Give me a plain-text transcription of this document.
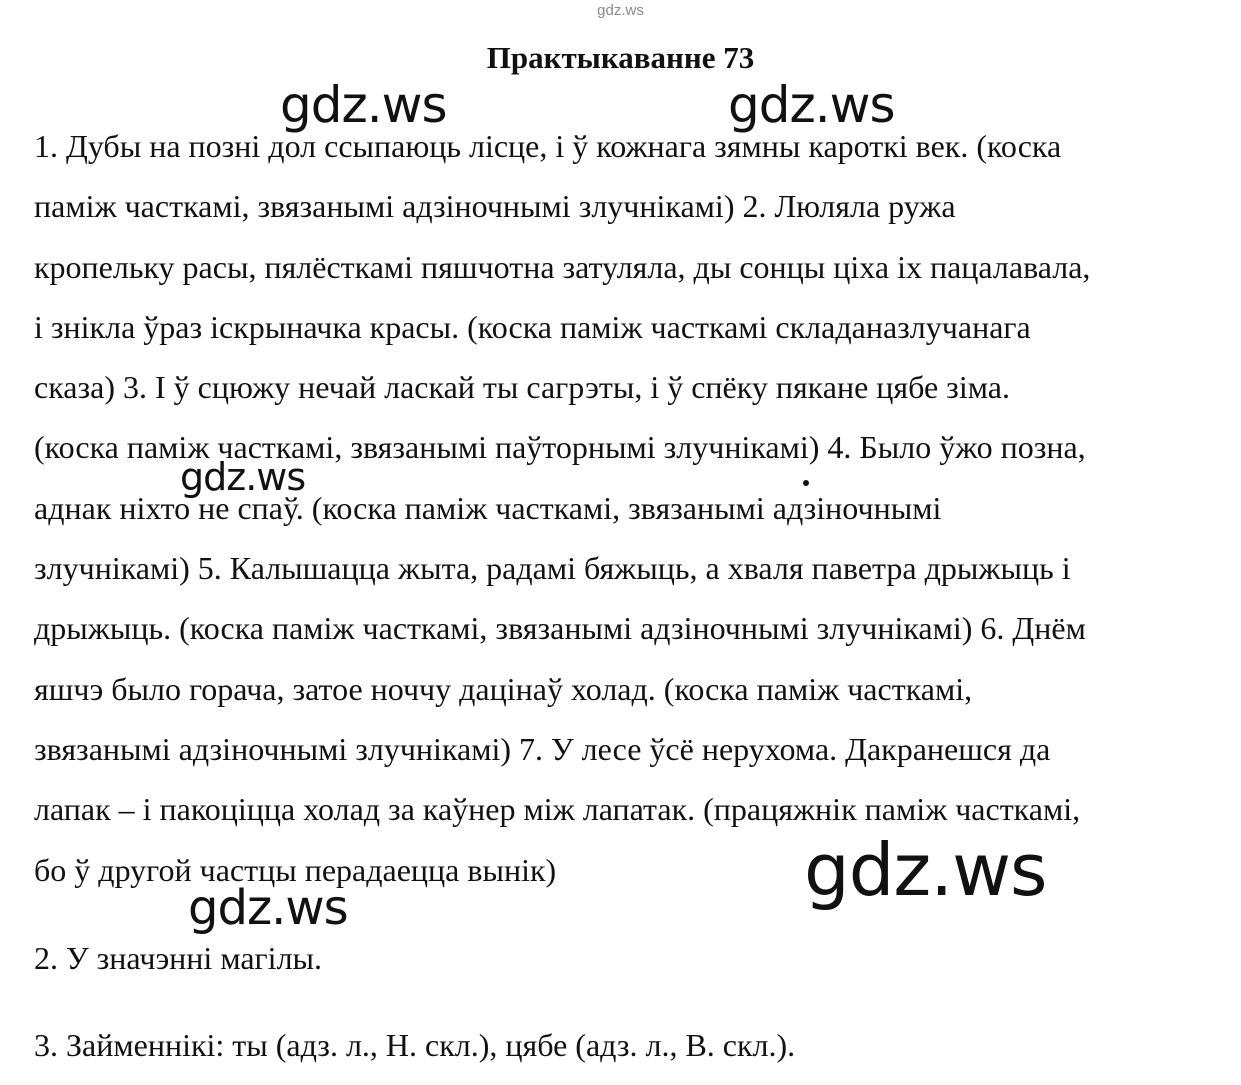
gdz.ws
Практыкаванне 73
gdz.ws	gdz.ws
gdz.ws
gdz.ws
gdz.ws
1. Дубы на позні дол ссыпаюць лісце, і ў кожнага зямны кароткі век. (коска
паміж часткамі, звязанымі адзіночнымі злучнікамі) 2. Люляла ружа
кропельку расы, пялёсткамі пяшчотна затуляла, ды сонцы ціха іх пацалавала,
і знікла ўраз іскрыначка красы. (коска паміж часткамі складаназлучанага
сказа) 3. І ў сцюжу нечай ласкай ты сагрэты, і ў спёку пякане цябе зіма.
(коска паміж часткамі, звязанымі паўторнымі злучнікамі) 4. Было ўжо позна,
аднак ніхто не спаў. (коска паміж часткамі, звязанымі адзіночнымі
злучнікамі) 5. Калышацца жыта, радамі бяжыць, а хваля паветра дрыжыць і
дрыжыць. (коска паміж часткамі, звязанымі адзіночнымі злучнікамі) 6. Днём
яшчэ было горача, затое ноччу дацінаў холад. (коска паміж часткамі,
звязанымі адзіночнымі злучнікамі) 7. У лесе ўсё нерухома. Дакранешся да
лапак – і пакоціцца холад за каўнер між лапатак. (працяжнік паміж часткамі,
бо ў другой частцы перадаецца вынік)
2. У значэнні магілы.
3. Займеннікі: ты (адз. л., Н. скл.), цябе (адз. л., В. скл.).
